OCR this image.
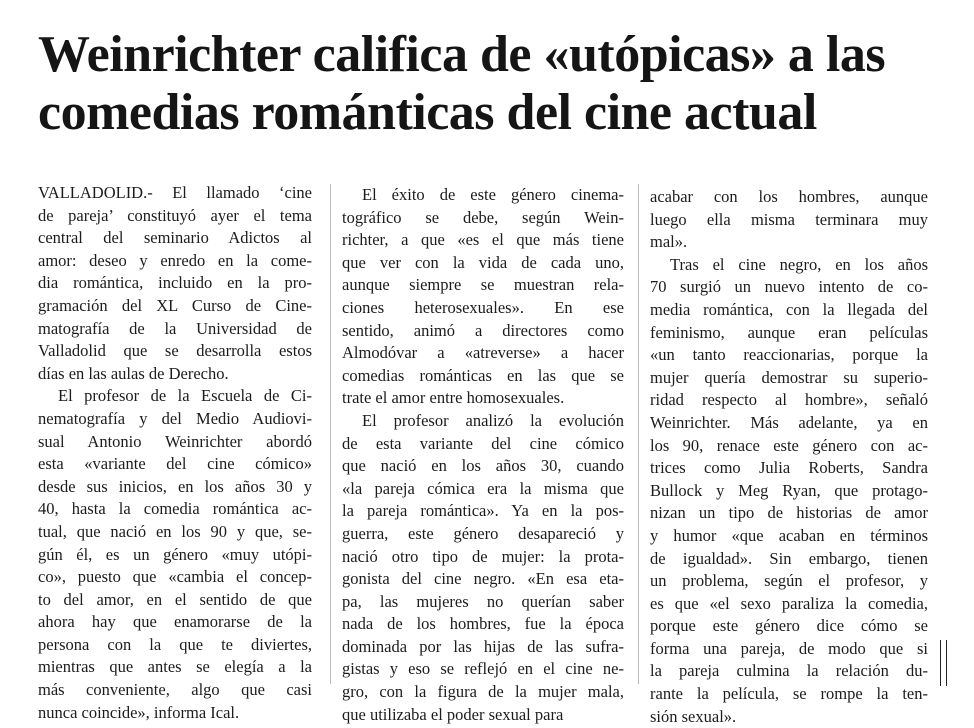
Weinrichter califica de «utópicas» a las
comedias románticas del cine actual
VALLADOLID.- El llamado ‘cine
de pareja’ constituyó ayer el tema
central del seminario Adictos al
amor: deseo y enredo en la come-
dia romántica, incluido en la pro-
gramación del XL Curso de Cine-
matografía de la Universidad de
Valladolid que se desarrolla estos
días en las aulas de Derecho.
El profesor de la Escuela de Ci-
nematografía y del Medio Audiovi-
sual Antonio Weinrichter abordó
esta «variante del cine cómico»
desde sus inicios, en los años 30 y
40, hasta la comedia romántica ac-
tual, que nació en los 90 y que, se-
gún él, es un género «muy utópi-
co», puesto que «cambia el concep-
to del amor, en el sentido de que
ahora hay que enamorarse de la
persona con la que te diviertes,
mientras que antes se elegía a la
más conveniente, algo que casi
nunca coincide», informa Ical.
El éxito de este género cinema-
tográfico se debe, según Wein-
richter, a que «es el que más tiene
que ver con la vida de cada uno,
aunque siempre se muestran rela-
ciones heterosexuales». En ese
sentido, animó a directores como
Almodóvar a «atreverse» a hacer
comedias románticas en las que se
trate el amor entre homosexuales.
El profesor analizó la evolución
de esta variante del cine cómico
que nació en los años 30, cuando
«la pareja cómica era la misma que
la pareja romántica». Ya en la pos-
guerra, este género desapareció y
nació otro tipo de mujer: la prota-
gonista del cine negro. «En esa eta-
pa, las mujeres no querían saber
nada de los hombres, fue la época
dominada por las hijas de las sufra-
gistas y eso se reflejó en el cine ne-
gro, con la figura de la mujer mala,
que utilizaba el poder sexual para
acabar con los hombres, aunque
luego ella misma terminara muy
mal».
Tras el cine negro, en los años
70 surgió un nuevo intento de co-
media romántica, con la llegada del
feminismo, aunque eran películas
«un tanto reaccionarias, porque la
mujer quería demostrar su superio-
ridad respecto al hombre», señaló
Weinrichter. Más adelante, ya en
los 90, renace este género con ac-
trices como Julia Roberts, Sandra
Bullock y Meg Ryan, que protago-
nizan un tipo de historias de amor
y humor «que acaban en términos
de igualdad». Sin embargo, tienen
un problema, según el profesor, y
es que «el sexo paraliza la comedia,
porque este género dice cómo se
forma una pareja, de modo que si
la pareja culmina la relación du-
rante la película, se rompe la ten-
sión sexual».
